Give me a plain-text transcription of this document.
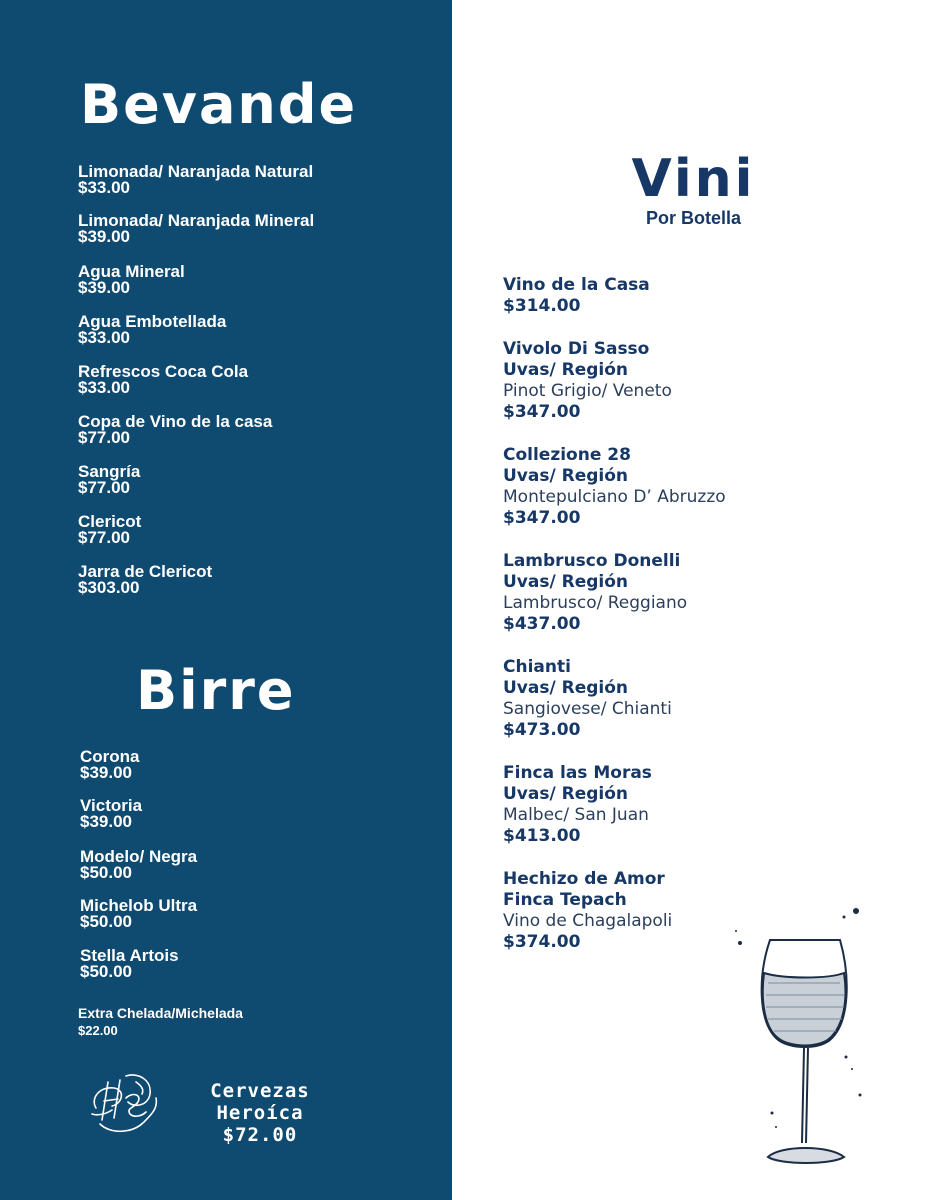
Bevande
Limonada/ Naranjada Natural
$33.00
Limonada/ Naranjada Mineral
$39.00
Agua Mineral
$39.00
Agua Embotellada
$33.00
Refrescos Coca Cola
$33.00
Copa de Vino de la casa
$77.00
Sangría
$77.00
Clericot
$77.00
Jarra de Clericot
$303.00
Birre
Corona
$39.00
Victoria
$39.00
Modelo/ Negra
$50.00
Michelob Ultra
$50.00
Stella Artois
$50.00
Extra Chelada/Michelada
$22.00
Cervezas
Heroíca
$72.00
Vini
Por Botella
Vino de la Casa
$314.00
Vivolo Di Sasso
Uvas/ Región
Pinot Grigio/ Veneto
$347.00
Collezione 28
Uvas/ Región
Montepulciano D’ Abruzzo
$347.00
Lambrusco Donelli
Uvas/ Región
Lambrusco/ Reggiano
$437.00
Chianti
Uvas/ Región
Sangiovese/ Chianti
$473.00
Finca las Moras
Uvas/ Región
Malbec/ San Juan
$413.00
Hechizo de Amor
Finca Tepach
Vino de Chagalapoli
$374.00
